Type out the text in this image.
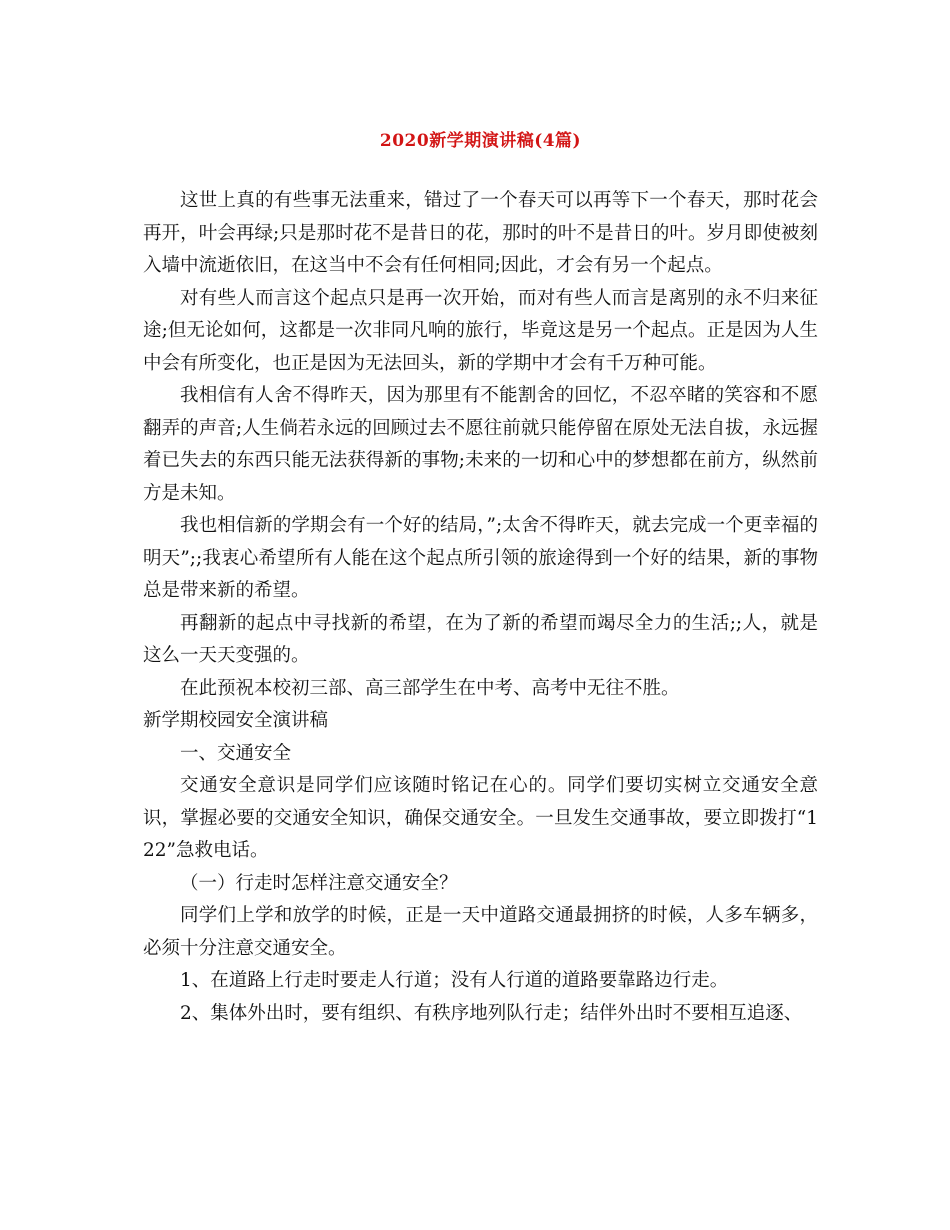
2020新学期演讲稿(4篇)

这世上真的有些事无法重来，错过了一个春天可以再等下一个春天，那时花会再开，叶会再绿;只是那时花不是昔日的花，那时的叶不是昔日的叶。岁月即使被刻入墙中流逝依旧，在这当中不会有任何相同;因此，才会有另一个起点。

对有些人而言这个起点只是再一次开始，而对有些人而言是离别的永不归来征途;但无论如何，这都是一次非同凡响的旅行，毕竟这是另一个起点。正是因为人生中会有所变化，也正是因为无法回头，新的学期中才会有千万种可能。

我相信有人舍不得昨天，因为那里有不能割舍的回忆，不忍卒睹的笑容和不愿翻弄的声音;人生倘若永远的回顾过去不愿往前就只能停留在原处无法自拔，永远握着已失去的东西只能无法获得新的事物;未来的一切和心中的梦想都在前方，纵然前方是未知。

我也相信新的学期会有一个好的结局，”;太舍不得昨天，就去完成一个更幸福的明天”;;我衷心希望所有人能在这个起点所引领的旅途得到一个好的结果，新的事物总是带来新的希望。

再翻新的起点中寻找新的希望，在为了新的希望而竭尽全力的生活;;人，就是这么一天天变强的。

在此预祝本校初三部、高三部学生在中考、高考中无往不胜。

新学期校园安全演讲稿

一、交通安全

交通安全意识是同学们应该随时铭记在心的。同学们要切实树立交通安全意识，掌握必要的交通安全知识，确保交通安全。一旦发生交通事故，要立即拨打“122”急救电话。

（一）行走时怎样注意交通安全？

同学们上学和放学的时候，正是一天中道路交通最拥挤的时候，人多车辆多，必须十分注意交通安全。

1、在道路上行走时要走人行道；没有人行道的道路要靠路边行走。

2、集体外出时，要有组织、有秩序地列队行走；结伴外出时不要相互追逐、
